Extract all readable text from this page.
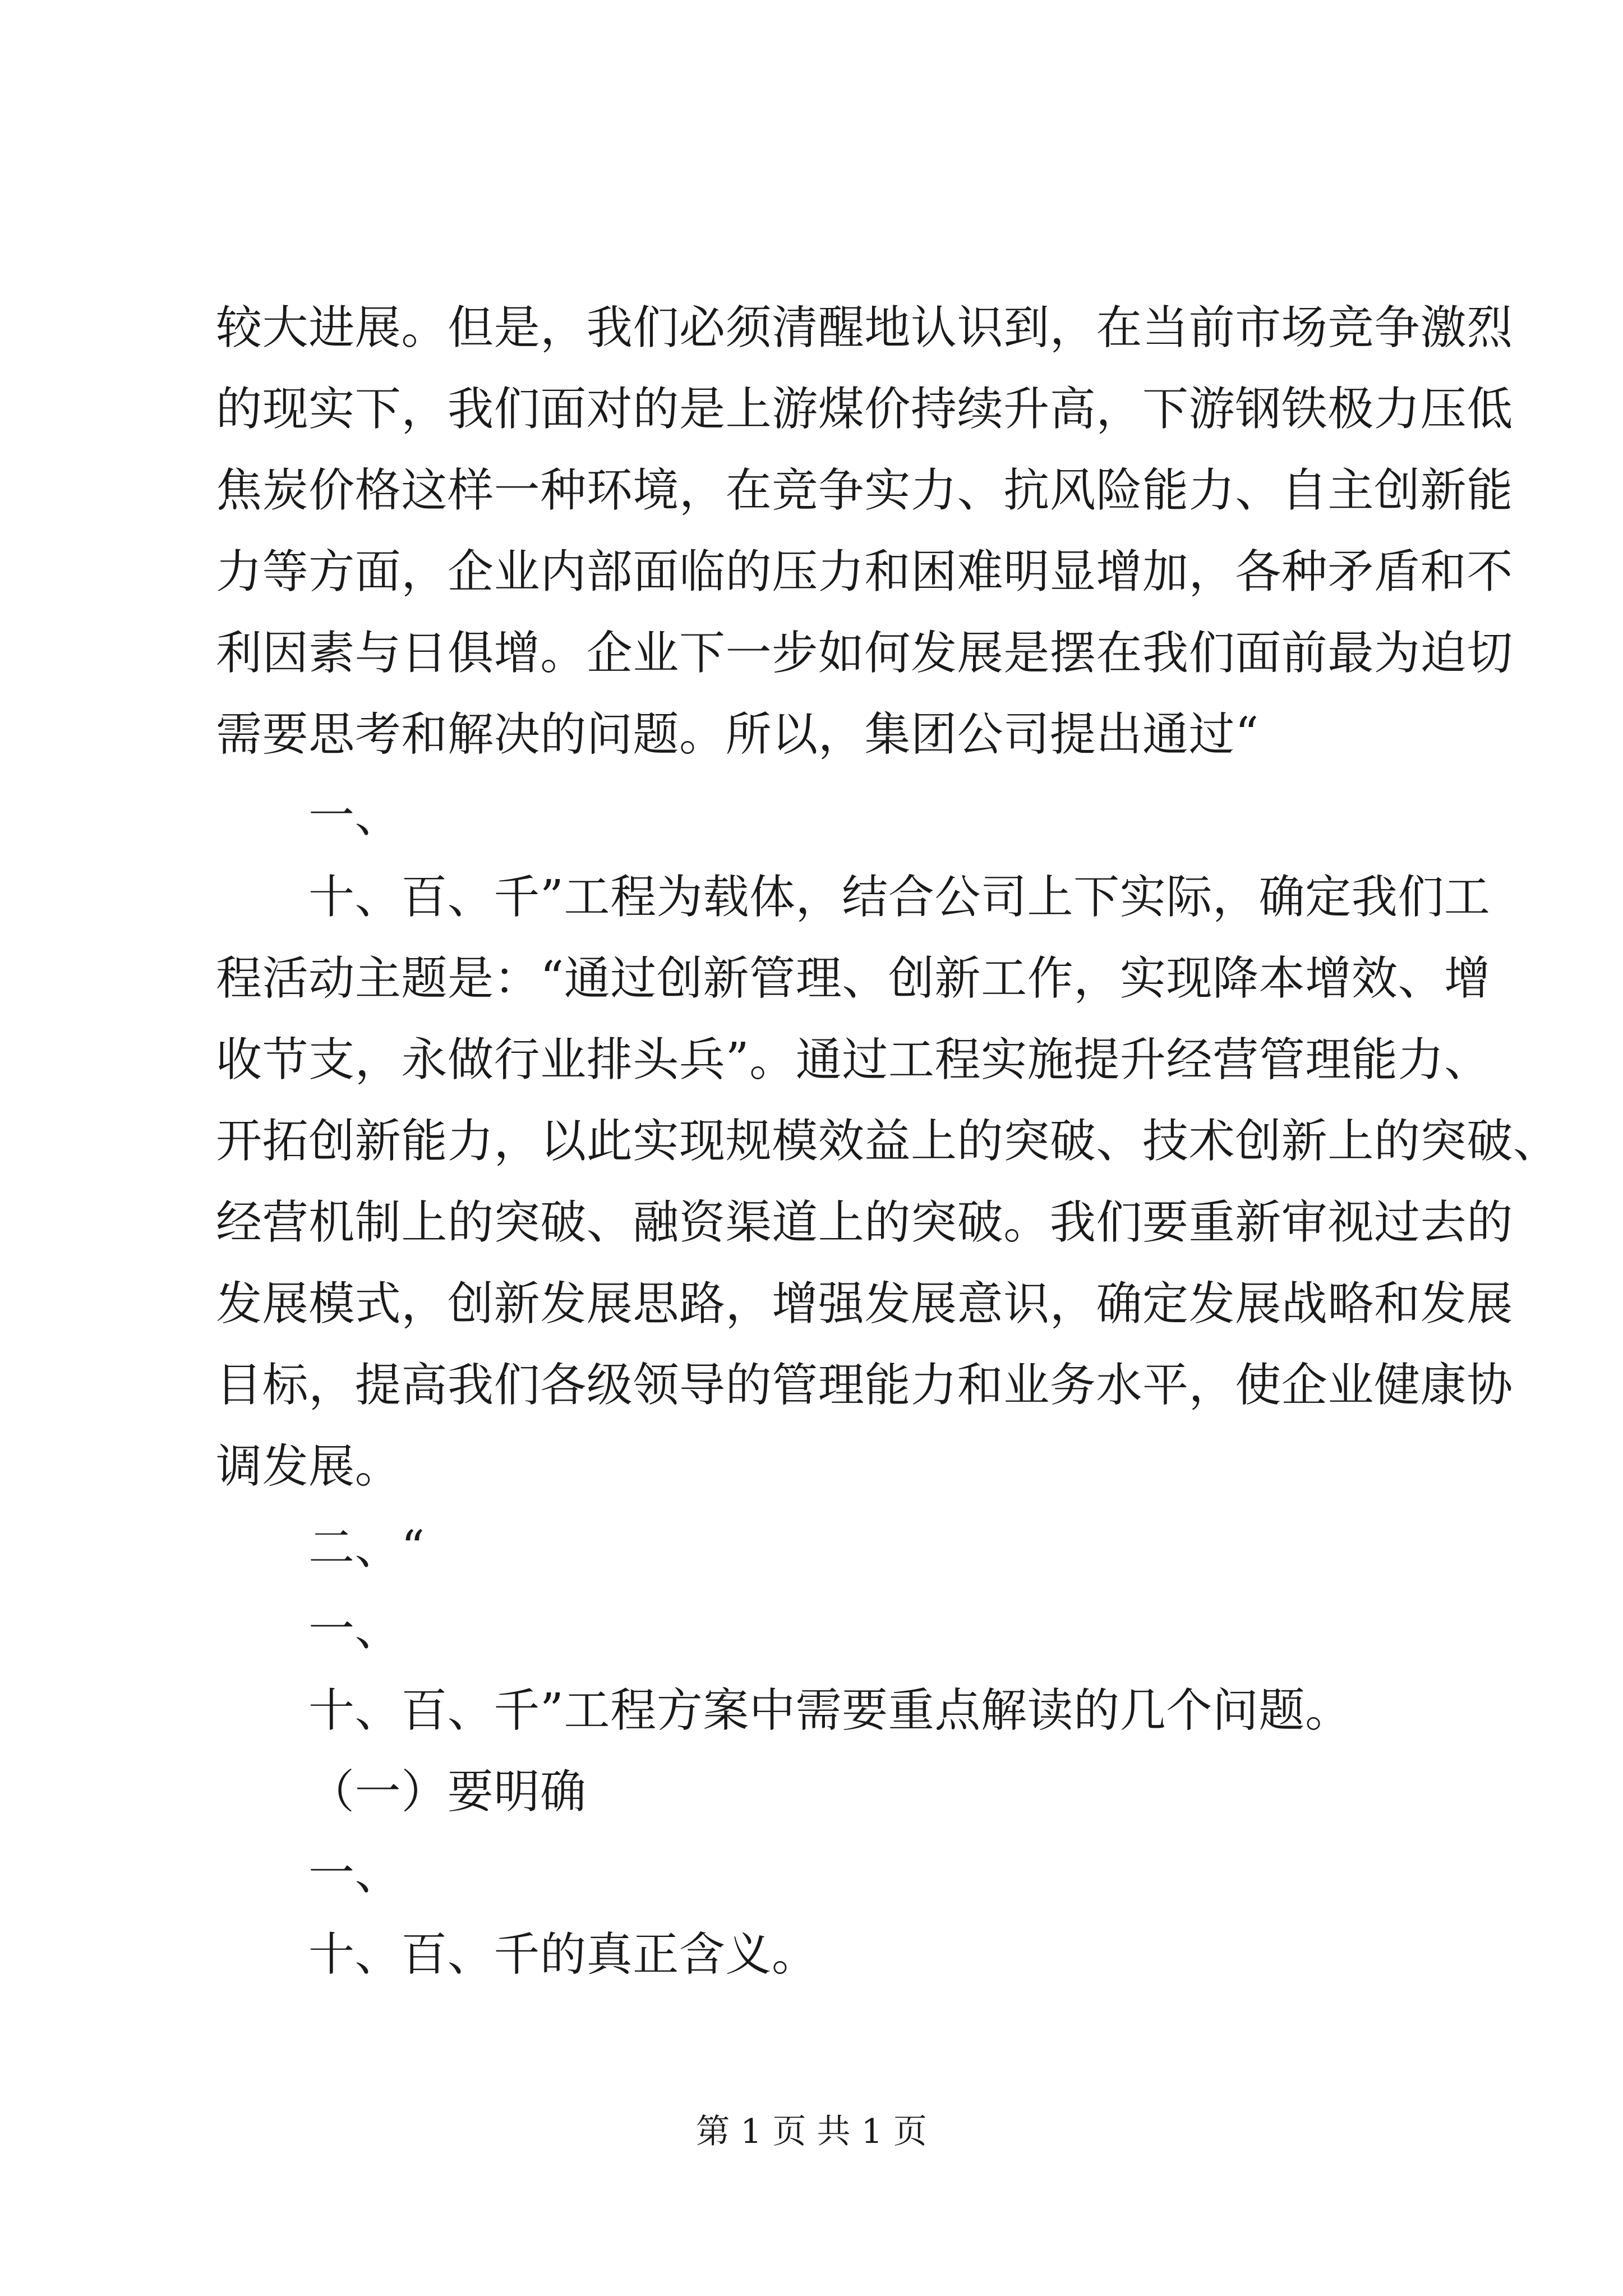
较大进展。但是，我们必须清醒地认识到，在当前市场竞争激烈
的现实下，我们面对的是上游煤价持续升高，下游钢铁极力压低
焦炭价格这样一种环境，在竞争实力、抗风险能力、自主创新能
力等方面，企业内部面临的压力和困难明显增加，各种矛盾和不
利因素与日俱增。企业下一步如何发展是摆在我们面前最为迫切
需要思考和解决的问题。所以，集团公司提出通过“
一、
十、百、千”工程为载体，结合公司上下实际，确定我们工
程活动主题是：“通过创新管理、创新工作，实现降本增效、增
收节支，永做行业排头兵”。通过工程实施提升经营管理能力、
开拓创新能力，以此实现规模效益上的突破、技术创新上的突破、
经营机制上的突破、融资渠道上的突破。我们要重新审视过去的
发展模式，创新发展思路，增强发展意识，确定发展战略和发展
目标，提高我们各级领导的管理能力和业务水平，使企业健康协
调发展。
二、“
一、
十、百、千”工程方案中需要重点解读的几个问题。
（一）要明确
一、
十、百、千的真正含义。
第 1 页 共 1 页
